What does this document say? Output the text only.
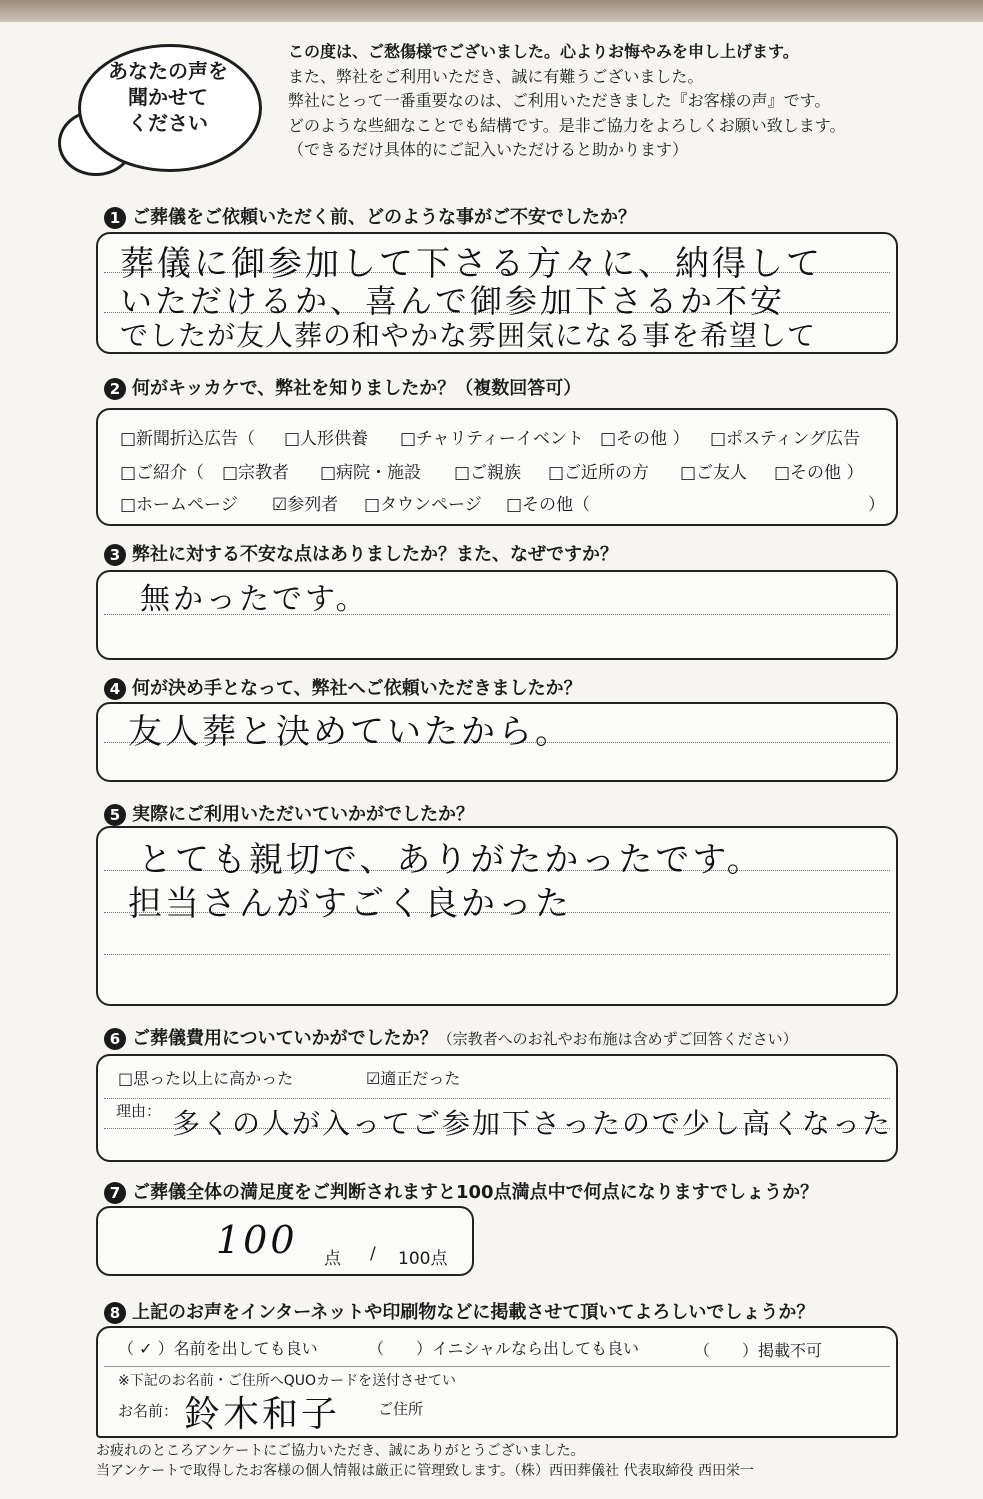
あなたの声を
聞かせて
ください
この度は、ご愁傷様でございました。心よりお悔やみを申し上げます。
また、弊社をご利用いただき、誠に有難うございました。
弊社にとって一番重要なのは、ご利用いただきました『お客様の声』です。
どのような些細なことでも結構です。是非ご協力をよろしくお願い致します。
（できるだけ具体的にご記入いただけると助かります）
1 ご葬儀をご依頼いただく前、どのような事がご不安でしたか？
葬儀に御参加して下さる方々に、納得して
いただけるか、喜んで御参加下さるか不安
でしたが友人葬の和やかな雰囲気になる事を希望して
2 何がキッカケで、弊社を知りましたか？（複数回答可）
□新聞折込広告（ □人形供養 □チャリティーイベント □その他 ） □ポスティング広告
□ご紹介（ □宗教者 □病院・施設 □ご親族 □ご近所の方 □ご友人 □その他 ）
□ホームページ ☑参列者 □タウンページ □その他（	）
3 弊社に対する不安な点はありましたか？また、なぜですか？
無かったです。
4 何が決め手となって、弊社へご依頼いただきましたか？
友人葬と決めていたから。
5 実際にご利用いただいていかがでしたか？
とても親切で、ありがたかったです。
担当さんがすごく良かった
6 ご葬儀費用についていかがでしたか？（宗教者へのお礼やお布施は含めずご回答ください）
□思った以上に高かった	☑適正だった
理由： 多くの人が入ってご参加下さったので少し高くなった
7 ご葬儀全体の満足度をご判断されますと100点満点中で何点になりますでしょうか？
100 点 / 100点
8 上記のお声をインターネットや印刷物などに掲載させて頂いてよろしいでしょうか？
（ ✓ ）名前を出しても良い	（　　）イニシャルなら出しても良い	（　　）掲載不可
※下記のお名前・ご住所へQUOカードを送付させてい
お名前： 鈴木和子	ご住所
お疲れのところアンケートにご協力いただき、誠にありがとうございました。
当アンケートで取得したお客様の個人情報は厳正に管理致します。（株）西田葬儀社 代表取締役 西田栄一
